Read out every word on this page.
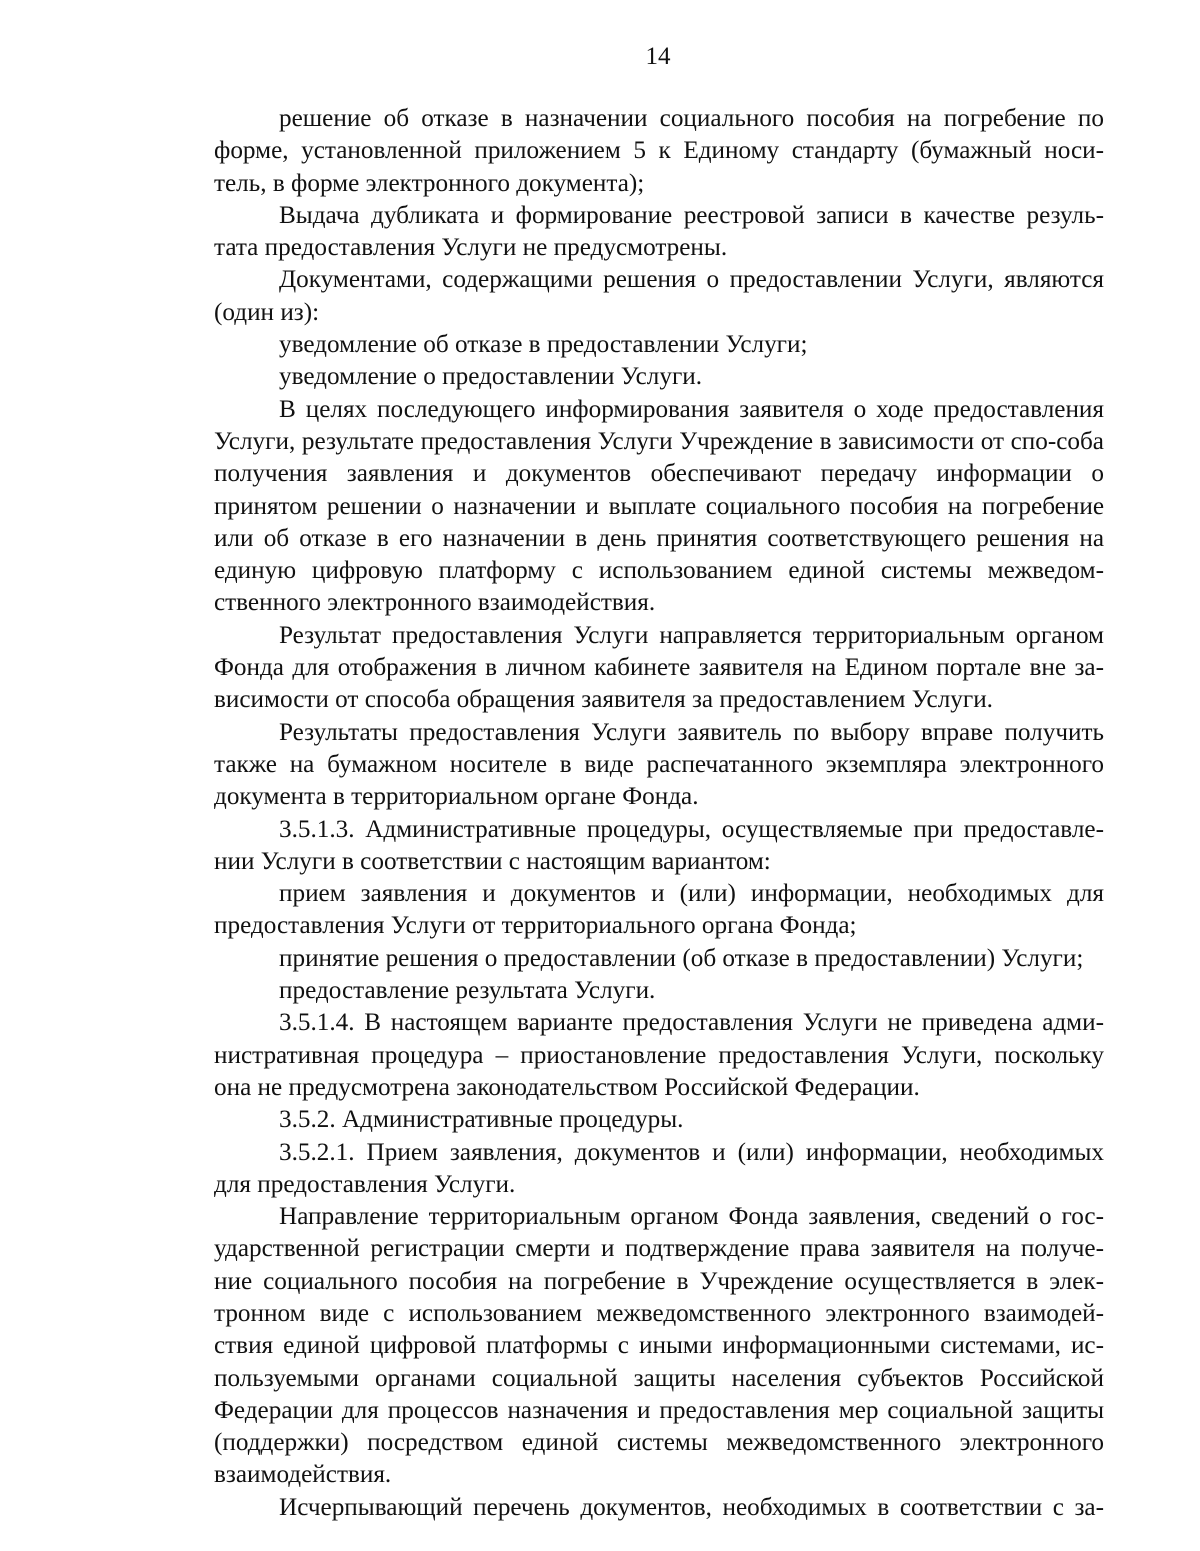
14

решение об отказе в назначении социального пособия на погребение по форме, установленной приложением 5 к Единому стандарту (бумажный носи-тель, в форме электронного документа);

Выдача дубликата и формирование реестровой записи в качестве резуль-тата предоставления Услуги не предусмотрены.

Документами, содержащими решения о предоставлении Услуги, являются (один из):

уведомление об отказе в предоставлении Услуги;

уведомление о предоставлении Услуги.

В целях последующего информирования заявителя о ходе предоставления Услуги, результате предоставления Услуги Учреждение в зависимости от спо-соба получения заявления и документов обеспечивают передачу информации о принятом решении о назначении и выплате социального пособия на погребение или об отказе в его назначении в день принятия соответствующего решения на единую цифровую платформу с использованием единой системы межведом-ственного электронного взаимодействия.

Результат предоставления Услуги направляется территориальным органом Фонда для отображения в личном кабинете заявителя на Едином портале вне за-висимости от способа обращения заявителя за предоставлением Услуги.

Результаты предоставления Услуги заявитель по выбору вправе получить также на бумажном носителе в виде распечатанного экземпляра электронного документа в территориальном органе Фонда.

3.5.1.3. Административные процедуры, осуществляемые при предоставле-нии Услуги в соответствии с настоящим вариантом:

прием заявления и документов и (или) информации, необходимых для предоставления Услуги от территориального органа Фонда;

принятие решения о предоставлении (об отказе в предоставлении) Услуги;

предоставление результата Услуги.

3.5.1.4. В настоящем варианте предоставления Услуги не приведена адми-нистративная процедура – приостановление предоставления Услуги, поскольку она не предусмотрена законодательством Российской Федерации.

3.5.2. Административные процедуры.

3.5.2.1. Прием заявления, документов и (или) информации, необходимых для предоставления Услуги.

Направление территориальным органом Фонда заявления, сведений о гос-ударственной регистрации смерти и подтверждение права заявителя на получе-ние социального пособия на погребение в Учреждение осуществляется в элек-тронном виде с использованием межведомственного электронного взаимодей-ствия единой цифровой платформы с иными информационными системами, ис-пользуемыми органами социальной защиты населения субъектов Российской Федерации для процессов назначения и предоставления мер социальной защиты (поддержки) посредством единой системы межведомственного электронного взаимодействия.

Исчерпывающий перечень документов, необходимых в соответствии с за-
